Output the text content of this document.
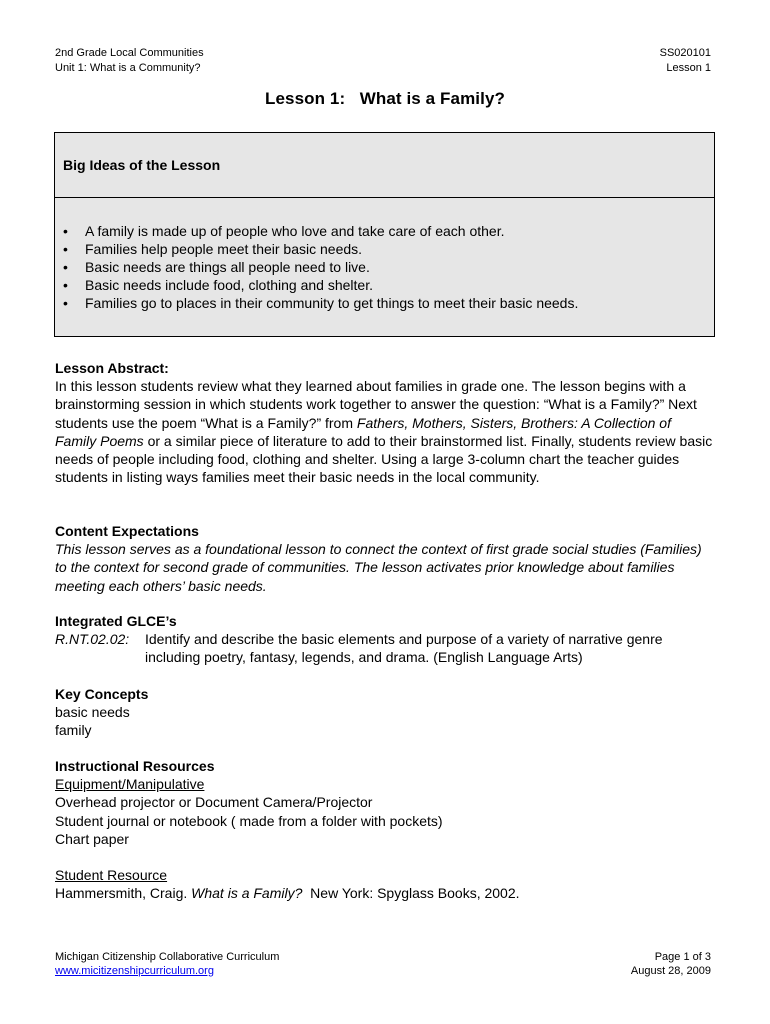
2nd Grade Local Communities
Unit 1: What is a Community?
SS020101
Lesson 1
Lesson 1:   What is a Family?
Big Ideas of the Lesson
• A family is made up of people who love and take care of each other.
• Families help people meet their basic needs.
• Basic needs are things all people need to live.
• Basic needs include food, clothing and shelter.
• Families go to places in their community to get things to meet their basic needs.
Lesson Abstract:
In this lesson students review what they learned about families in grade one. The lesson begins with a brainstorming session in which students work together to answer the question: “What is a Family?” Next students use the poem “What is a Family?” from Fathers, Mothers, Sisters, Brothers: A Collection of Family Poems or a similar piece of literature to add to their brainstormed list. Finally, students review basic needs of people including food, clothing and shelter. Using a large 3-column chart the teacher guides students in listing ways families meet their basic needs in the local community.
Content Expectations
This lesson serves as a foundational lesson to connect the context of first grade social studies (Families) to the context for second grade of communities. The lesson activates prior knowledge about families meeting each others’ basic needs.
Integrated GLCE’s
R.NT.02.02:	Identify and describe the basic elements and purpose of a variety of narrative genre including poetry, fantasy, legends, and drama. (English Language Arts)
Key Concepts
basic needs
family
Instructional Resources
Equipment/Manipulative
Overhead projector or Document Camera/Projector
Student journal or notebook ( made from a folder with pockets)
Chart paper
Student Resource
Hammersmith, Craig. What is a Family?  New York: Spyglass Books, 2002.
Michigan Citizenship Collaborative Curriculum
www.micitizenshipcurriculum.org
Page 1 of 3
August 28, 2009
